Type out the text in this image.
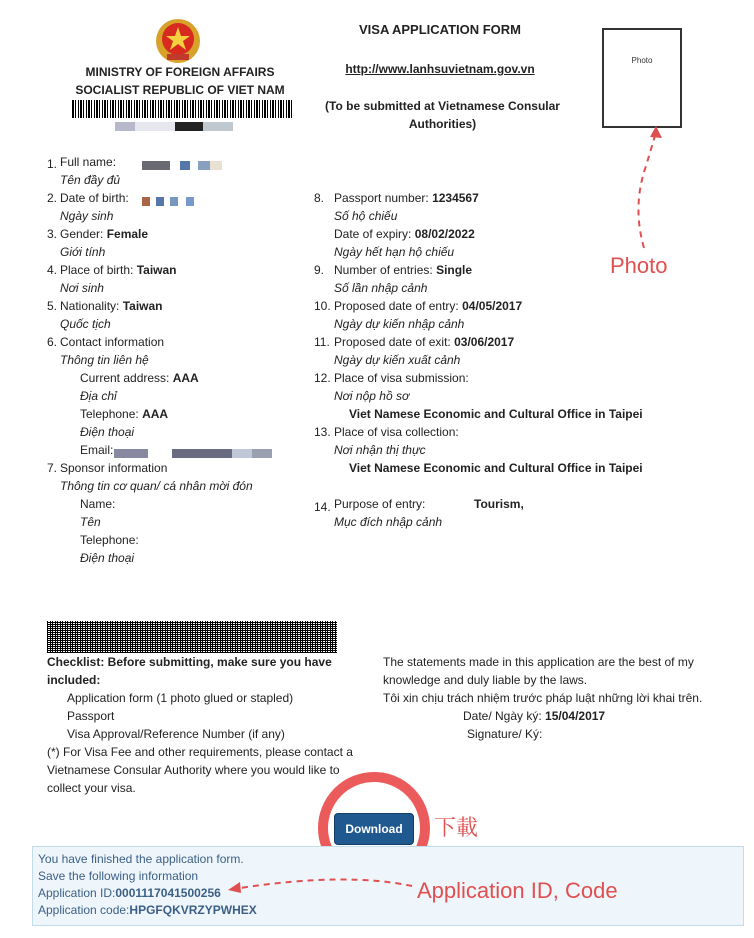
MINISTRY OF FOREIGN AFFAIRS
SOCIALIST REPUBLIC OF VIET NAM
VISA APPLICATION FORM
http://www.lanhsuvietnam.gov.vn
(To be submitted at Vietnamese Consular
Authorities)
Photo
1. Full name:
Tên đầy đủ
2. Date of birth:
Ngày sinh
3. Gender: Female
Giới tính
4. Place of birth: Taiwan
Nơi sinh
5. Nationality: Taiwan
Quốc tịch
6. Contact information
Thông tin liên hệ
Current address: AAA
Địa chỉ
Telephone: AAA
Điện thoại
Email:
7. Sponsor information
Thông tin cơ quan/ cá nhân mời đón
Name:
Tên
Telephone:
Điện thoại
8. Passport number: 1234567
Số hộ chiếu
Date of expiry: 08/02/2022
Ngày hết hạn hộ chiếu
9. Number of entries: Single
Số lần nhập cảnh
10. Proposed date of entry: 04/05/2017
Ngày dự kiến nhập cảnh
11. Proposed date of exit: 03/06/2017
Ngày dự kiến xuất cảnh
12. Place of visa submission:
Nơi nộp hồ sơ
Viet Namese Economic and Cultural Office in Taipei
13. Place of visa collection:
Nơi nhận thị thực
Viet Namese Economic and Cultural Office in Taipei
14. Purpose of entry:	Tourism,
Mục đích nhập cảnh
Photo
Checklist: Before submitting, make sure you have
included:
Application form (1 photo glued or stapled)
Passport
Visa Approval/Reference Number (if any)
(*) For Visa Fee and other requirements, please contact a
Vietnamese Consular Authority where you would like to
collect your visa.
The statements made in this application are the best of my
knowledge and duly liable by the laws.
Tôi xin chịu trách nhiệm trước pháp luật những lời khai trên.
Date/ Ngày ký: 15/04/2017
Signature/ Ký:
Download	下載
You have finished the application form.
Save the following information
Application ID:0001117041500256
Application code:HPGFQKVRZYPWHEX
Application ID, Code
